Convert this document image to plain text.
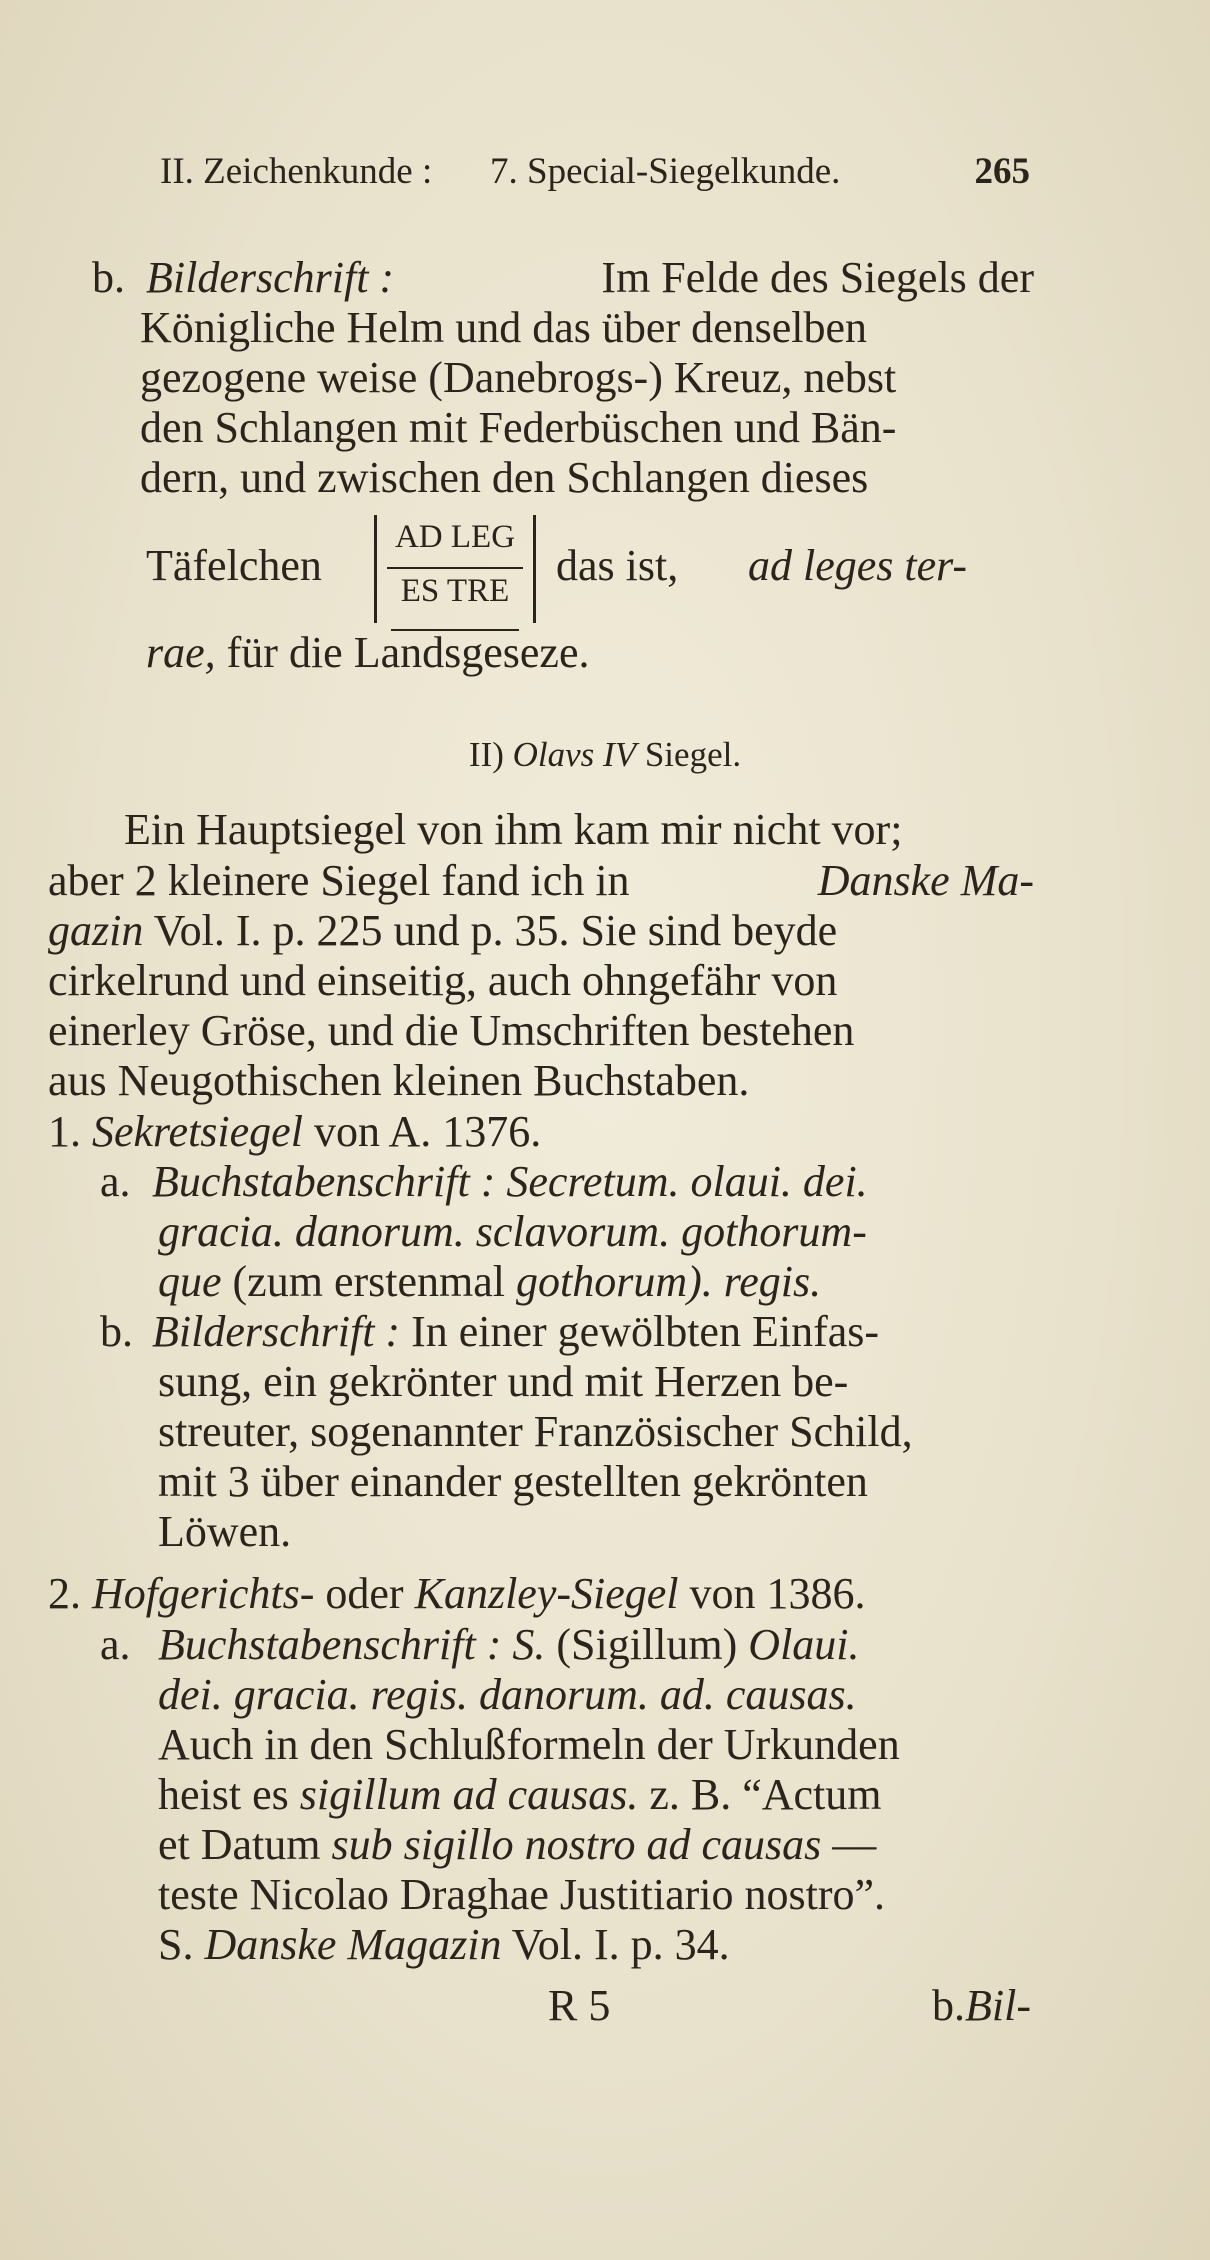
II. Zeichenkunde : 7. Special-Siegelkunde.	265
b. Bilderschrift :	Im Felde des Siegels der
Königliche Helm und das über denselben
gezogene weise (Danebrogs-) Kreuz, nebst
den Schlangen mit Federbüschen und Bän-
dern, und zwischen den Schlangen dieses
Täfelchen
AD LEG
ES TRE
das ist, ad leges ter-
rae, für die Landsgeseze.
II) Olavs IV Siegel.
Ein Hauptsiegel von ihm kam mir nicht vor;
aber 2 kleinere Siegel fand ich in	Danske Ma-
gazin Vol. I. p. 225 und p. 35. Sie sind beyde
cirkelrund und einseitig, auch ohngefähr von
einerley Gröse, und die Umschriften bestehen
aus Neugothischen kleinen Buchstaben.
1. Sekretsiegel von A. 1376.
a. Buchstabenschrift : Secretum. olaui. dei.
gracia. danorum. sclavorum. gothorum-
que (zum erstenmal gothorum). regis.
b. Bilderschrift : In einer gewölbten Einfas-
sung, ein gekrönter und mit Herzen be-
streuter, sogenannter Französischer Schild,
mit 3 über einander gestellten gekrönten
Löwen.
2. Hofgerichts- oder Kanzley-Siegel von 1386.
a. Buchstabenschrift : S. (Sigillum) Olaui.
dei. gracia. regis. danorum. ad. causas.
Auch in den Schlußformeln der Urkunden
heist es sigillum ad causas. z. B. “Actum
et Datum sub sigillo nostro ad causas —
teste Nicolao Draghae Justitiario nostro”.
S. Danske Magazin Vol. I. p. 34.
R 5	b.Bil-
